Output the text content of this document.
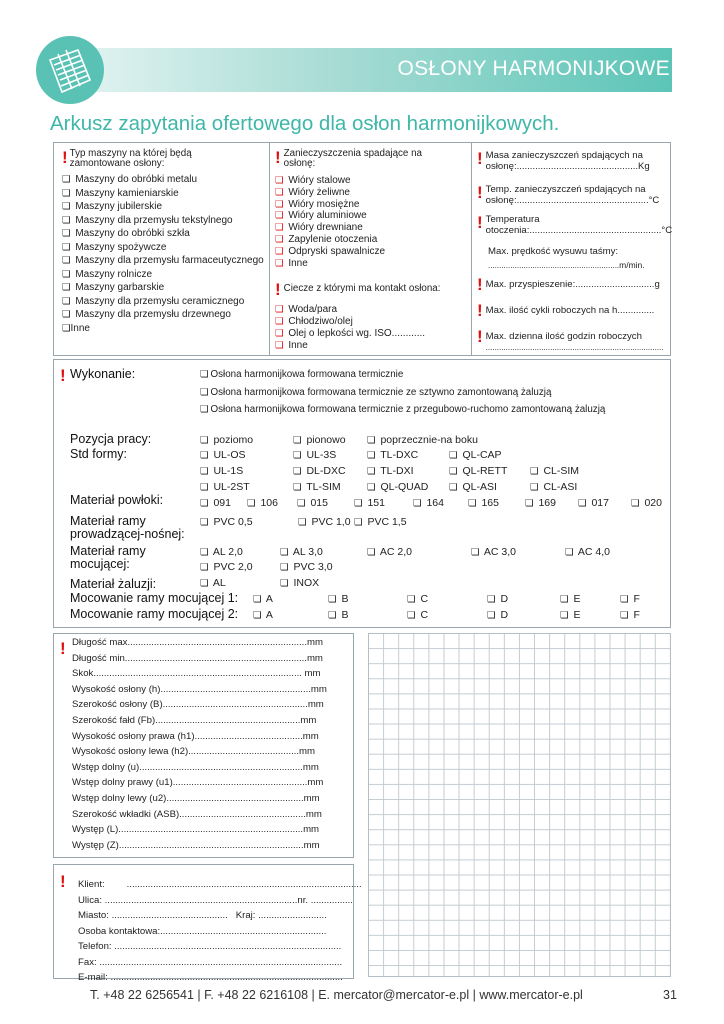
OSŁONY HARMONIJKOWE
Arkusz zapytania ofertowego dla osłon harmonijkowych.
! Typ maszyny na której będą
zamontowane osłony:
❏ Maszyny do obróbki metalu
❏ Maszyny kamieniarskie
❏ Maszyny jubilerskie
❏ Maszyny dla przemysłu tekstylnego
❏ Maszyny do obróbki szkła
❏ Maszyny spożywcze
❏ Maszyny dla przemysłu farmaceutycznego
❏ Maszyny rolnicze
❏ Maszyny garbarskie
❏ Maszyny dla przemysłu ceramicznego
❏ Maszyny dla przemysłu drzewnego
❏Inne
! Zanieczyszczenia spadające na
osłonę:
❏ Wióry stalowe
❏ Wióry żeliwne
❏ Wióry mosiężne
❏ Wióry aluminiowe
❏ Wióry drewniane
❏ Zapylenie otoczenia
❏ Odpryski spawalnicze
❏ Inne
! Ciecze z którymi ma kontakt osłona:
❏ Woda/para
❏ Chłodziwo/olej
❏ Olej o lepkości wg. ISO............
❏ Inne
! Masa zanieczyszczeń spdających na
osłonę:..............................................Kg
! Temp. zanieczyszczeń spdających na
osłonę:..................................................°C
! Temperatura
otoczenia:..................................................°C
Max. prędkość wysuwu taśmy:
...........................................................m/min.
! Max. przyspieszenie:..............................g
! Max. ilość cykli roboczych na h..............
! Max. dzienna ilość godzin roboczych
................................................................................
! Wykonanie:	❏ Osłona harmonijkowa formowana termicznie
❏ Osłona harmonijkowa formowana termicznie ze sztywno zamontowaną żaluzją
❏ Osłona harmonijkowa formowana termicznie z przegubowo-ruchomo zamontowaną żaluzją
Pozycja pracy:	❏ poziomo	❏ pionowo ❏ poprzecznie-na boku
Std formy:	❏ UL-OS	❏ UL-3S	❏ TL-DXC	❏ QL-CAP
❏ UL-1S	❏ DL-DXC ❏ TL-DXI	❏ QL-RETT ❏ CL-SIM
❏ UL-2ST	❏ TL-SIM	❏ QL-QUAD ❏ QL-ASI	❏ CL-ASI
Materiał powłoki:	❏ 091 ❏ 106 ❏ 015	❏ 151	❏ 164	❏ 165	❏ 169 ❏ 017 ❏ 020
Materiał ramy
prowadzącej-nośnej:
❏ PVC 0,5	❏ PVC 1,0 ❏ PVC 1,5
Materiał ramy
mocującej:
❏ AL 2,0	❏ AL 3,0	❏ AC 2,0	❏ AC 3,0	❏ AC 4,0
❏ PVC 2,0	❏ PVC 3,0
Materiał żaluzji:	❏ AL	❏ INOX
Mocowanie ramy mocującej 1: ❏ A	❏ B	❏ C	❏ D	❏ E	❏ F
Mocowanie ramy mocującej 2: ❏ A	❏ B	❏ C	❏ D	❏ E	❏ F
! Długość max....................................................................mm
Długość min.....................................................................mm
Skok............................................................................... mm
Wysokość osłony (h).........................................................mm
Szerokość osłony (B).......................................................mm
Szerokość fałd (Fb).......................................................mm
Wysokość osłony prawa (h1).........................................mm
Wysokość osłony lewa (h2)..........................................mm
Wstęp dolny (u)..............................................................mm
Wstęp dolny prawy (u1)...................................................mm
Wstęp dolny lewy (u2)....................................................mm
Szerokość wkładki (ASB)................................................mm
Występ (L)......................................................................mm
Występ (Z)......................................................................mm
! Klient: .........................................................................................
Ulica: .........................................................................nr. ................
Miasto: ............................................ Kraj: ..........................
Osoba kontaktowa:...............................................................
Telefon: ......................................................................................
Fax: ............................................................................................
E-mail: ........................................................................................
T. +48 22 6256541 | F. +48 22 6216108 | E. mercator@mercator-e.pl | www.mercator-e.pl	31
